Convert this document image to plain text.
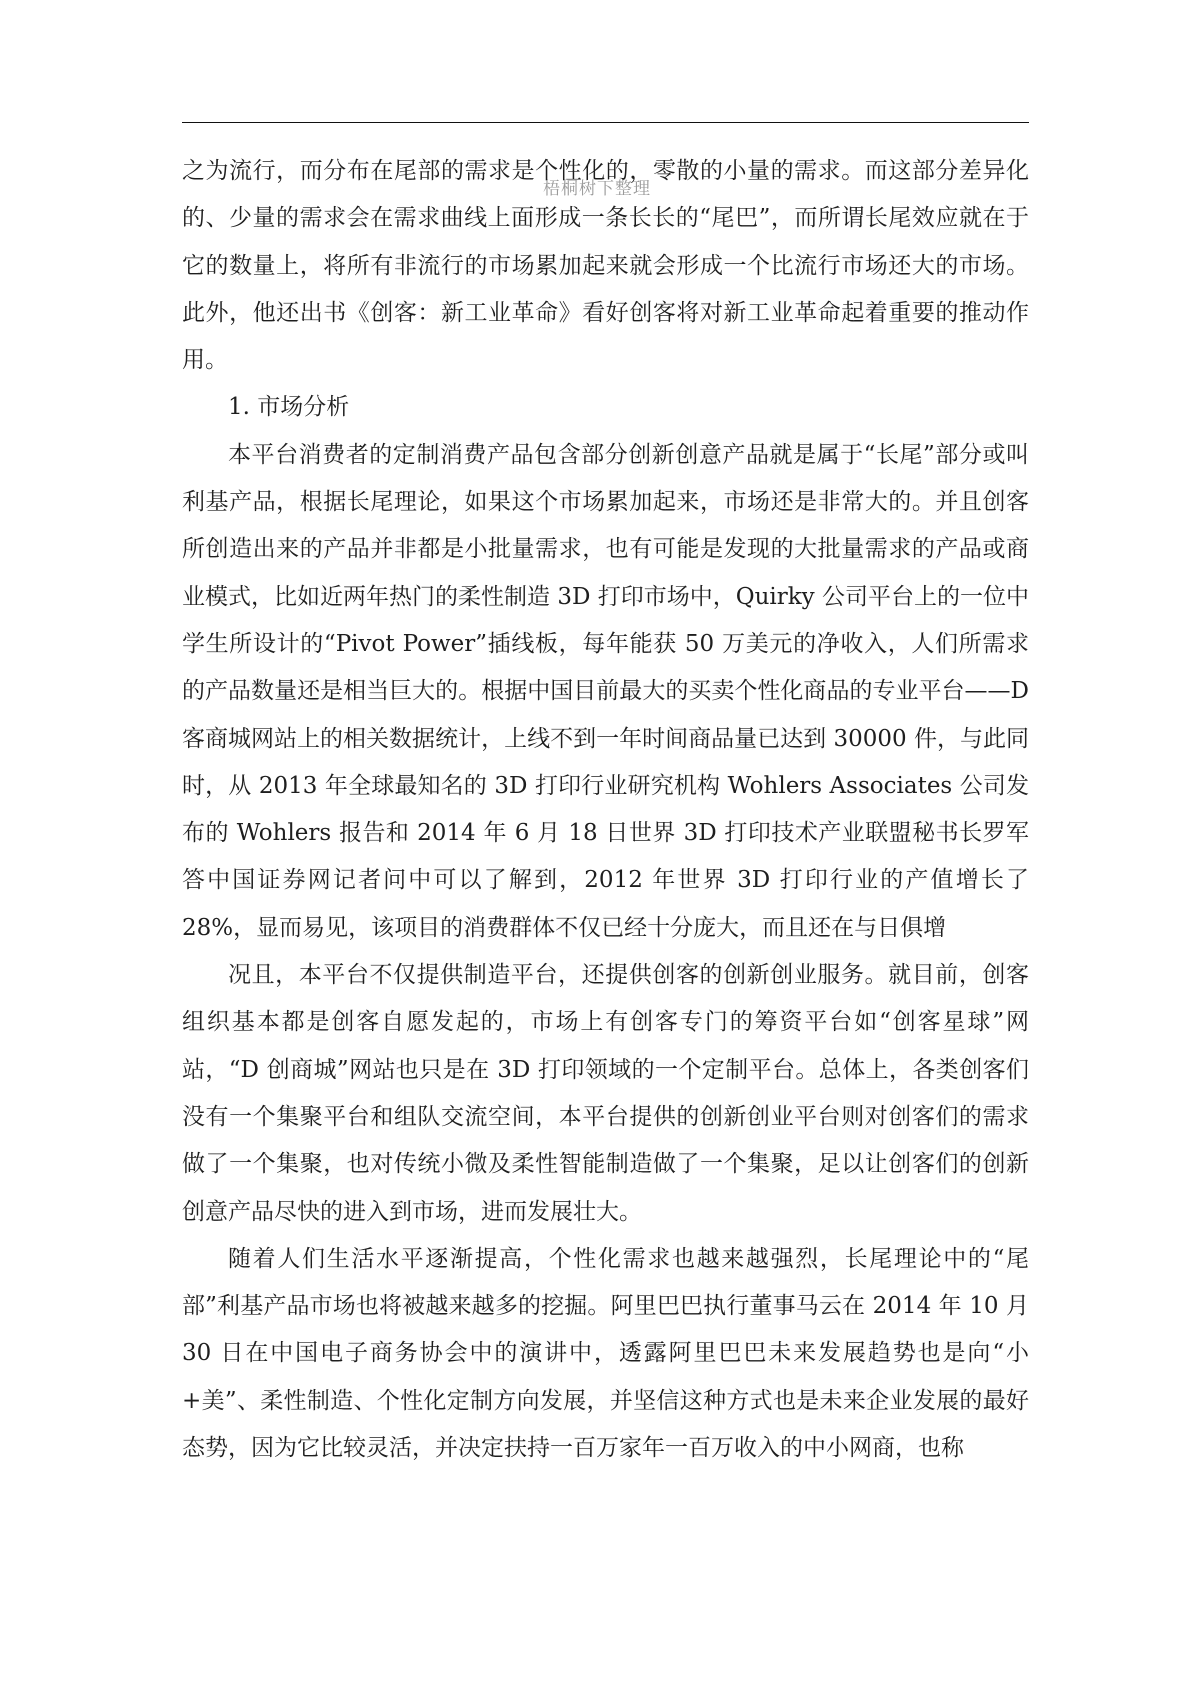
梧桐树下整理

之为流行，而分布在尾部的需求是个性化的，零散的小量的需求。而这部分差异化的、少量的需求会在需求曲线上面形成一条长长的“尾巴”，而所谓长尾效应就在于它的数量上，将所有非流行的市场累加起来就会形成一个比流行市场还大的市场。此外，他还出书《创客：新工业革命》看好创客将对新工业革命起着重要的推动作用。

1. 市场分析

本平台消费者的定制消费产品包含部分创新创意产品就是属于“长尾”部分或叫利基产品，根据长尾理论，如果这个市场累加起来，市场还是非常大的。并且创客所创造出来的产品并非都是小批量需求，也有可能是发现的大批量需求的产品或商业模式，比如近两年热门的柔性制造 3D 打印市场中，Quirky 公司平台上的一位中学生所设计的“Pivot Power”插线板，每年能获 50 万美元的净收入，人们所需求的产品数量还是相当巨大的。根据中国目前最大的买卖个性化商品的专业平台——D 客商城网站上的相关数据统计，上线不到一年时间商品量已达到 30000 件，与此同时，从 2013 年全球最知名的 3D 打印行业研究机构 Wohlers Associates 公司发布的 Wohlers 报告和 2014 年 6 月 18 日世界 3D 打印技术产业联盟秘书长罗军答中国证券网记者问中可以了解到，2012 年世界 3D 打印行业的产值增长了 28%，显而易见，该项目的消费群体不仅已经十分庞大，而且还在与日俱增

况且，本平台不仅提供制造平台，还提供创客的创新创业服务。就目前，创客组织基本都是创客自愿发起的，市场上有创客专门的筹资平台如“创客星球”网站，“D 创商城”网站也只是在 3D 打印领域的一个定制平台。总体上，各类创客们没有一个集聚平台和组队交流空间，本平台提供的创新创业平台则对创客们的需求做了一个集聚，也对传统小微及柔性智能制造做了一个集聚，足以让创客们的创新创意产品尽快的进入到市场，进而发展壮大。

随着人们生活水平逐渐提高，个性化需求也越来越强烈，长尾理论中的“尾部”利基产品市场也将被越来越多的挖掘。阿里巴巴执行董事马云在 2014 年 10 月 30 日在中国电子商务协会中的演讲中，透露阿里巴巴未来发展趋势也是向“小+美”、柔性制造、个性化定制方向发展，并坚信这种方式也是未来企业发展的最好态势，因为它比较灵活，并决定扶持一百万家年一百万收入的中小网商，也称
